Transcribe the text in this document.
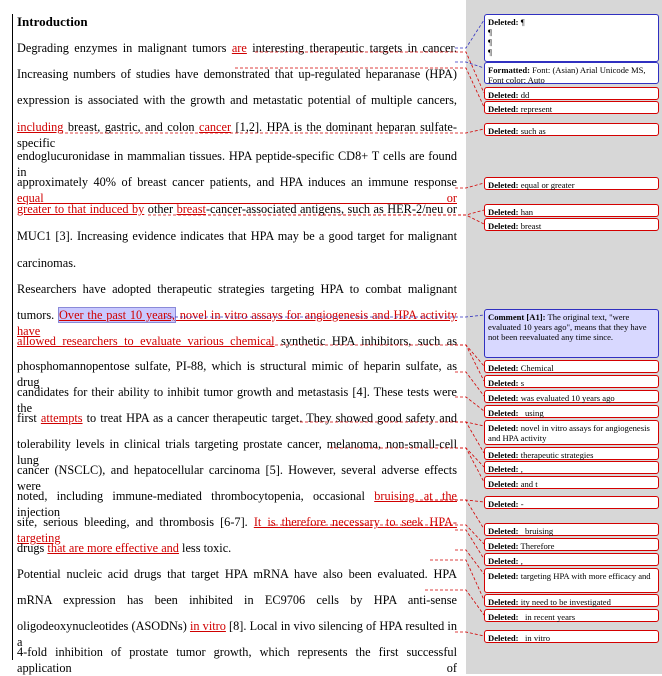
Introduction
Degrading enzymes in malignant tumors are interesting therapeutic targets in cancer.
Increasing numbers of studies have demonstrated that up-regulated heparanase (HPA)
expression is associated with the growth and metastatic potential of multiple cancers,
including breast, gastric, and colon cancer [1,2]. HPA is the dominant heparan sulfate-specific
endoglucuronidase in mammalian tissues. HPA peptide-specific CD8+ T cells are found in
approximately 40% of breast cancer patients, and HPA induces an immune response equal or
greater to that induced by other breast-cancer-associated antigens, such as HER-2/neu or
MUC1 [3]. Increasing evidence indicates that HPA may be a good target for malignant
carcinomas.
Researchers have adopted therapeutic strategies targeting HPA to combat malignant
tumors. Over the past 10 years, novel in vitro assays for angiogenesis and HPA activity have
allowed researchers to evaluate various chemical synthetic HPA inhibitors, such as
phosphomannopentose sulfate, PI-88, which is structural mimic of heparin sulfate, as drug
candidates for their ability to inhibit tumor growth and metastasis [4]. These tests were the
first attempts to treat HPA as a cancer therapeutic target. They showed good safety and
tolerability levels in clinical trials targeting prostate cancer, melanoma, non-small-cell lung
cancer (NSCLC), and hepatocellular carcinoma [5]. However, several adverse effects were
noted, including immune-mediated thrombocytopenia, occasional bruising at the injection
site, serious bleeding, and thrombosis [6-7]. It is therefore necessary to seek HPA-targeting
drugs that are more effective and less toxic.
Potential nucleic acid drugs that target HPA mRNA have also been evaluated. HPA
mRNA expression has been inhibited in EC9706 cells by HPA anti-sense
oligodeoxynucleotides (ASODNs) in vitro [8]. Local in vivo silencing of HPA resulted in a
4-fold inhibition of prostate tumor growth, which represents the first successful application of
Deleted: ¶
¶
¶
¶
Formatted: Font: (Asian) Arial Unicode MS, Font color: Auto
Deleted: dd
Deleted: represent
Deleted: such as
Deleted: equal or greater
Deleted: han
Deleted: breast
Comment [A1]: The original text, "were evaluated 10 years ago", means that they have not been reevaluated any time since.
Deleted: Chemical
Deleted: s
Deleted: was evaluated 10 years ago
Deleted:   using
Deleted: novel in vitro assays for angiogenesis and HPA activity
Deleted: therapeutic strategies
Deleted: ,
Deleted: and t
Deleted: -
Deleted:   bruising
Deleted: Therefore
Deleted: ,
Deleted: targeting HPA with more efficacy and
Deleted: ity need to be investigated
Deleted:   in recent years
Deleted:   in vitro
